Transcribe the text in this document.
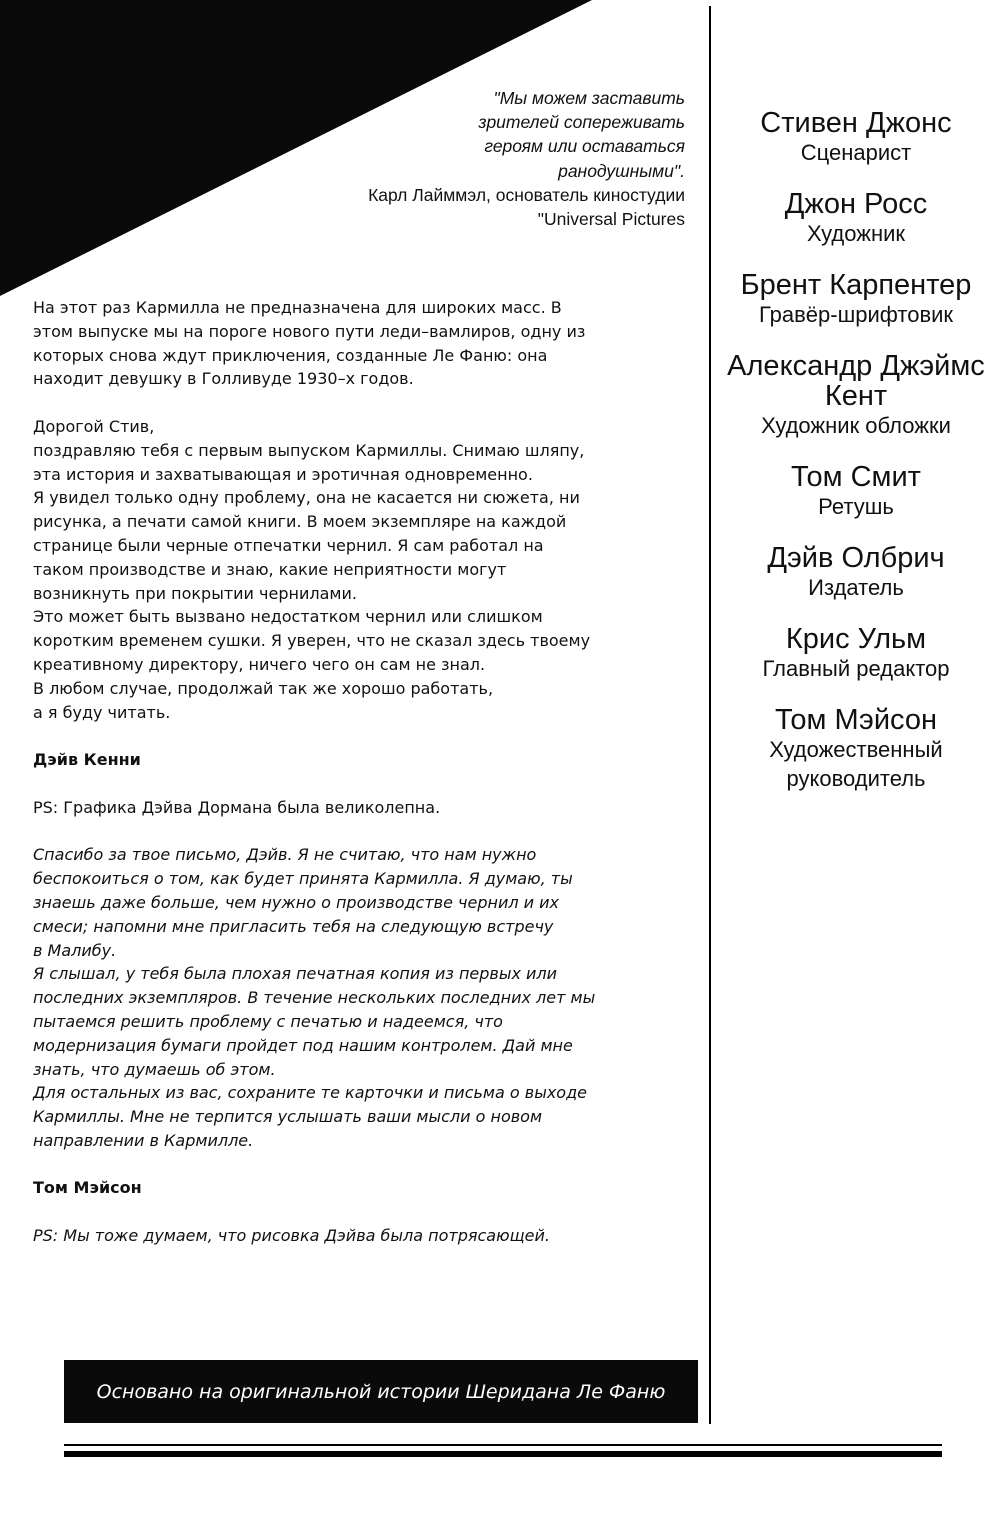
"Мы можем заставить
зрителей сопереживать
героям или оставаться
ранодушными".
Карл Лайммэл, основатель киностудии
"Universal Pictures
На этот раз Кармилла не предназначена для широких масс. В
этом выпуске мы на пороге нового пути леди–вамлиров, одну из
которых снова ждут приключения, созданные Ле Фаню: она
находит девушку в Голливуде 1930–х годов.
Дорогой Стив,
поздравляю тебя с первым выпуском Кармиллы. Снимаю шляпу,
эта история и захватывающая и эротичная одновременно.
Я увидел только одну проблему, она не касается ни сюжета, ни
рисунка, а печати самой книги. В моем экземпляре на каждой
странице были черные отпечатки чернил. Я сам работал на
таком производстве и знаю, какие неприятности могут
возникнуть при покрытии чернилами.
Это может быть вызвано недостатком чернил или слишком
коротким временем сушки. Я уверен, что не сказал здесь твоему
креативному директору, ничего чего он сам не знал.
В любом случае, продолжай так же хорошо работать,
а я буду читать.
Дэйв Кенни
PS: Графика Дэйва Дормана была великолепна.
Спасибо за твое письмо, Дэйв. Я не считаю, что нам нужно
беспокоиться о том, как будет принята Кармилла. Я думаю, ты
знаешь даже больше, чем нужно о производстве чернил и их
смеси; напомни мне пригласить тебя на следующую встречу
в Малибу.
Я слышал, у тебя была плохая печатная копия из первых или
последних экземпляров. В течение нескольких последних лет мы
пытаемся решить проблему с печатью и надеемся, что
модернизация бумаги пройдет под нашим контролем. Дай мне
знать, что думаешь об этом.
Для остальных из вас, сохраните те карточки и письма о выходе
Кармиллы. Мне не терпится услышать ваши мысли о новом
направлении в Кармилле.
Том Мэйсон
PS: Мы тоже думаем, что рисовка Дэйва была потрясающей.
Стивен Джонс
Сценарист
Джон Росс
Художник
Брент Карпентер
Гравёр-шрифтовик
Александр Джэймс
Кент
Художник обложки
Том Смит
Ретушь
Дэйв Олбрич
Издатель
Крис Ульм
Главный редактор
Том Мэйсон
Художественный
руководитель
Основано на оригинальной истории Шеридана Ле Фаню
